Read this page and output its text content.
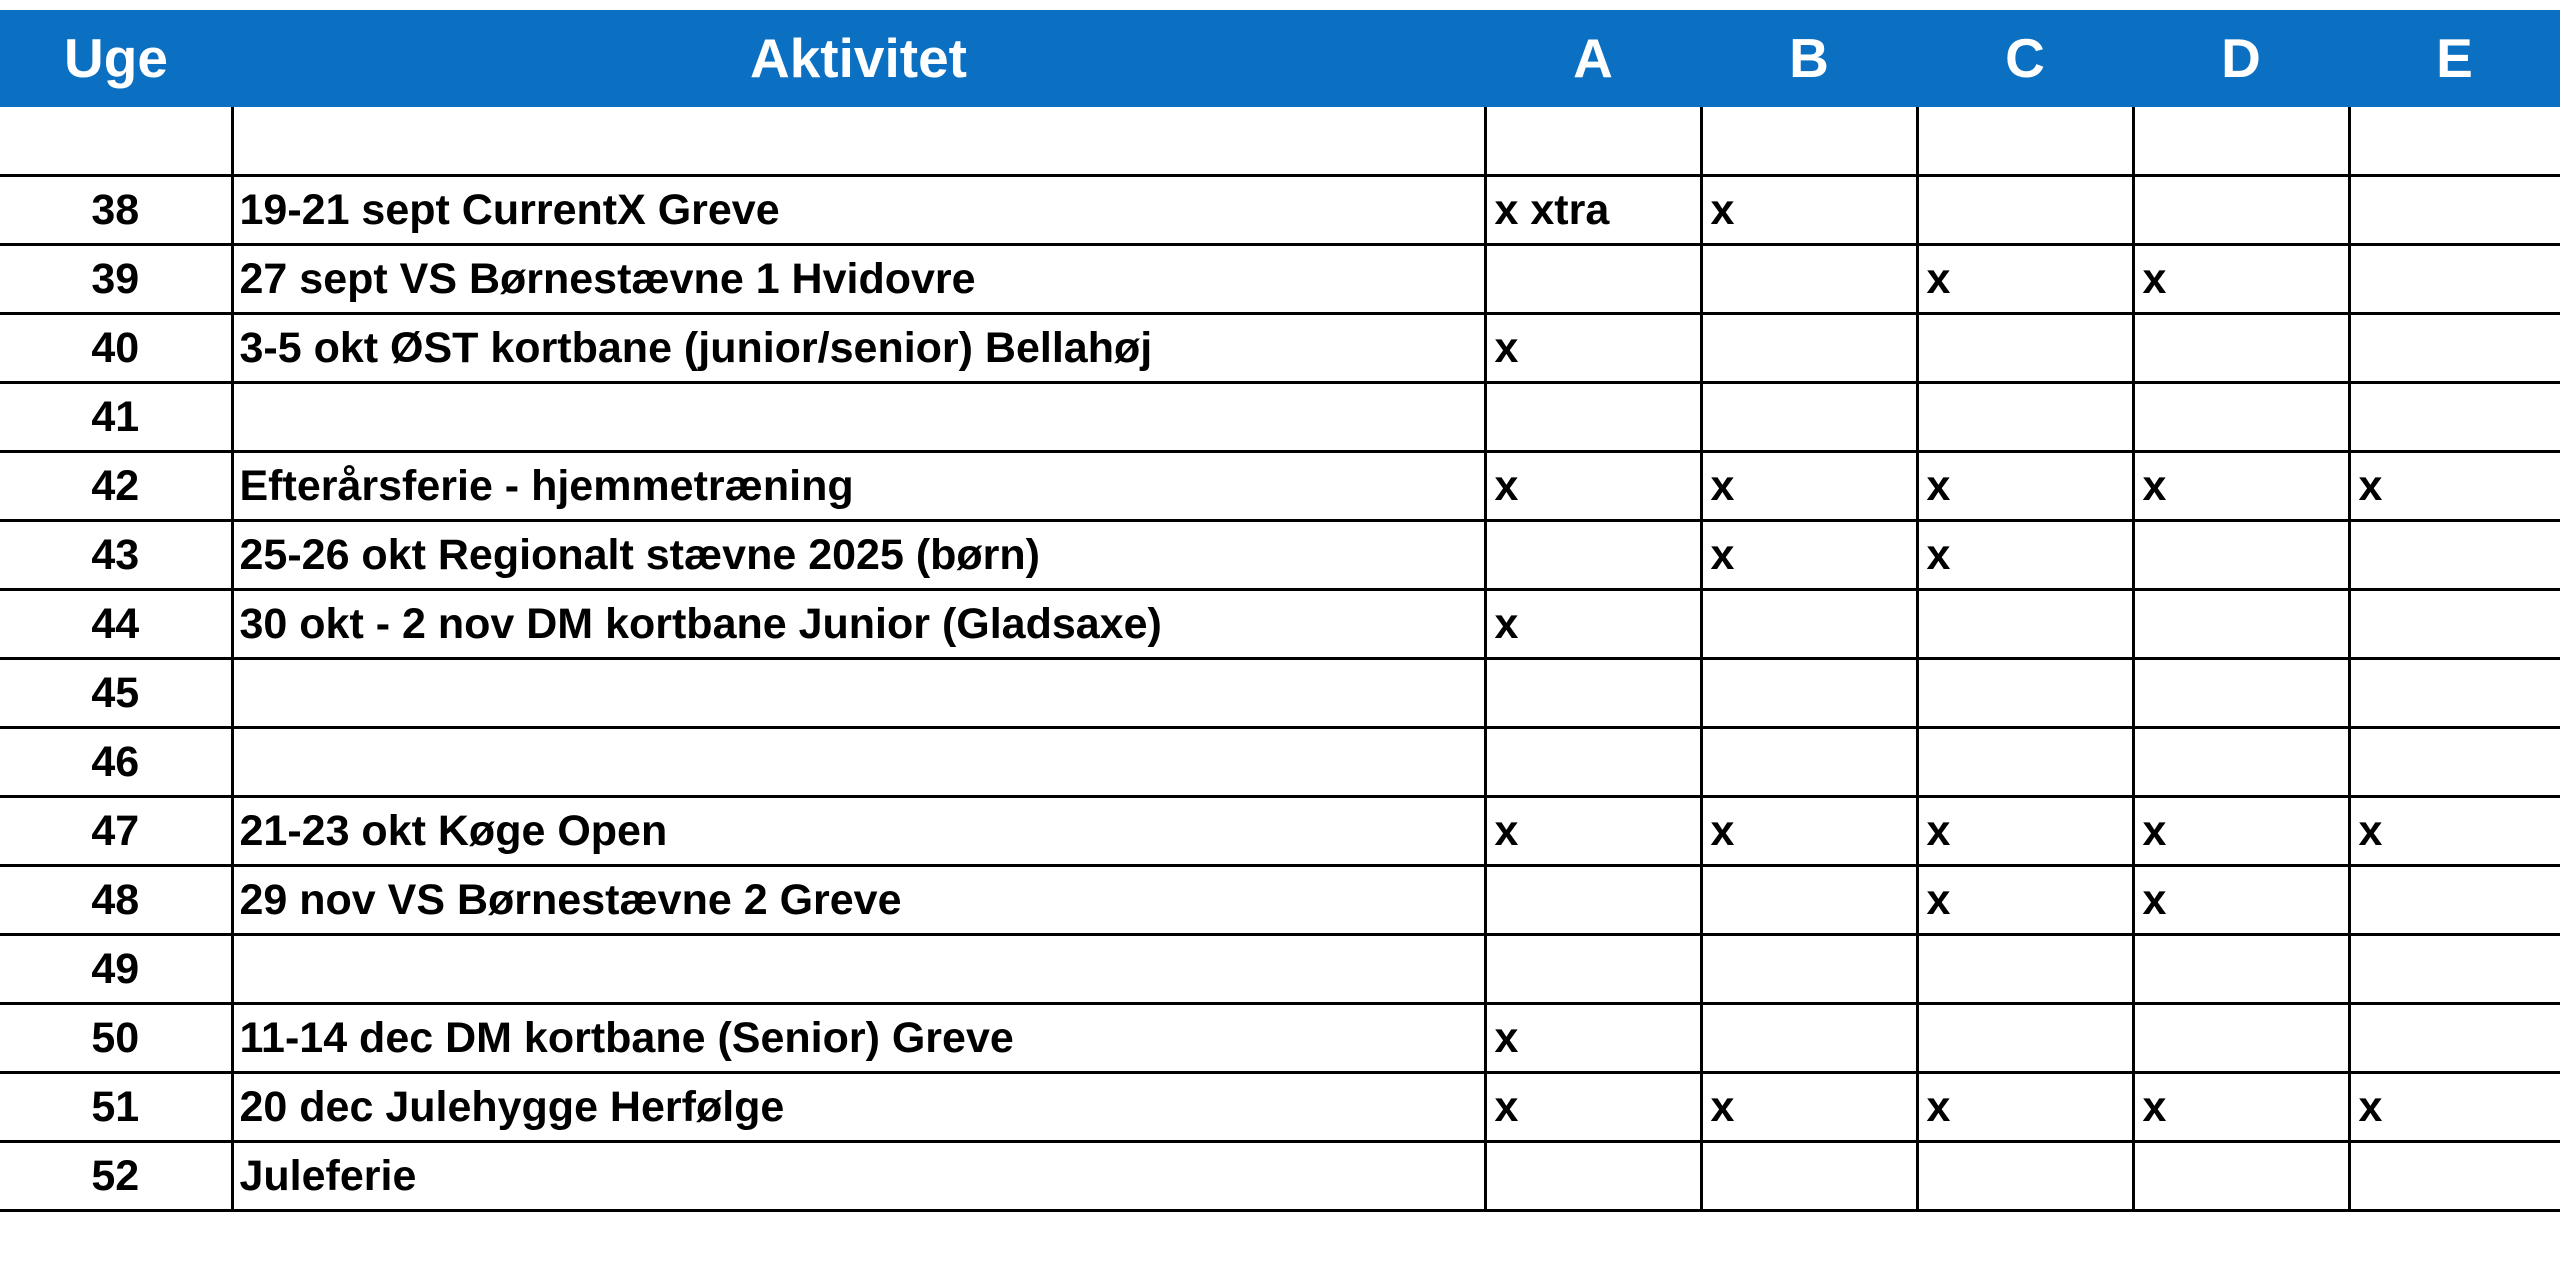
Uge	Aktivitet	A	B	C	D	E

38	19-21 sept CurrentX Greve	x xtra	x			
39	27 sept VS Børnestævne 1 Hvidovre			x	x	
40	3-5 okt ØST kortbane (junior/senior) Bellahøj	x				
41						
42	Efterårsferie - hjemmetræning	x	x	x	x	x
43	25-26 okt Regionalt stævne 2025 (børn)		x	x		
44	30 okt - 2 nov DM kortbane Junior (Gladsaxe)	x				
45						
46						
47	21-23 okt Køge Open	x	x	x	x	x
48	29 nov VS Børnestævne 2 Greve			x	x	
49						
50	11-14 dec DM kortbane (Senior) Greve	x				
51	20 dec Julehygge Herfølge	x	x	x	x	x
52	Juleferie					
